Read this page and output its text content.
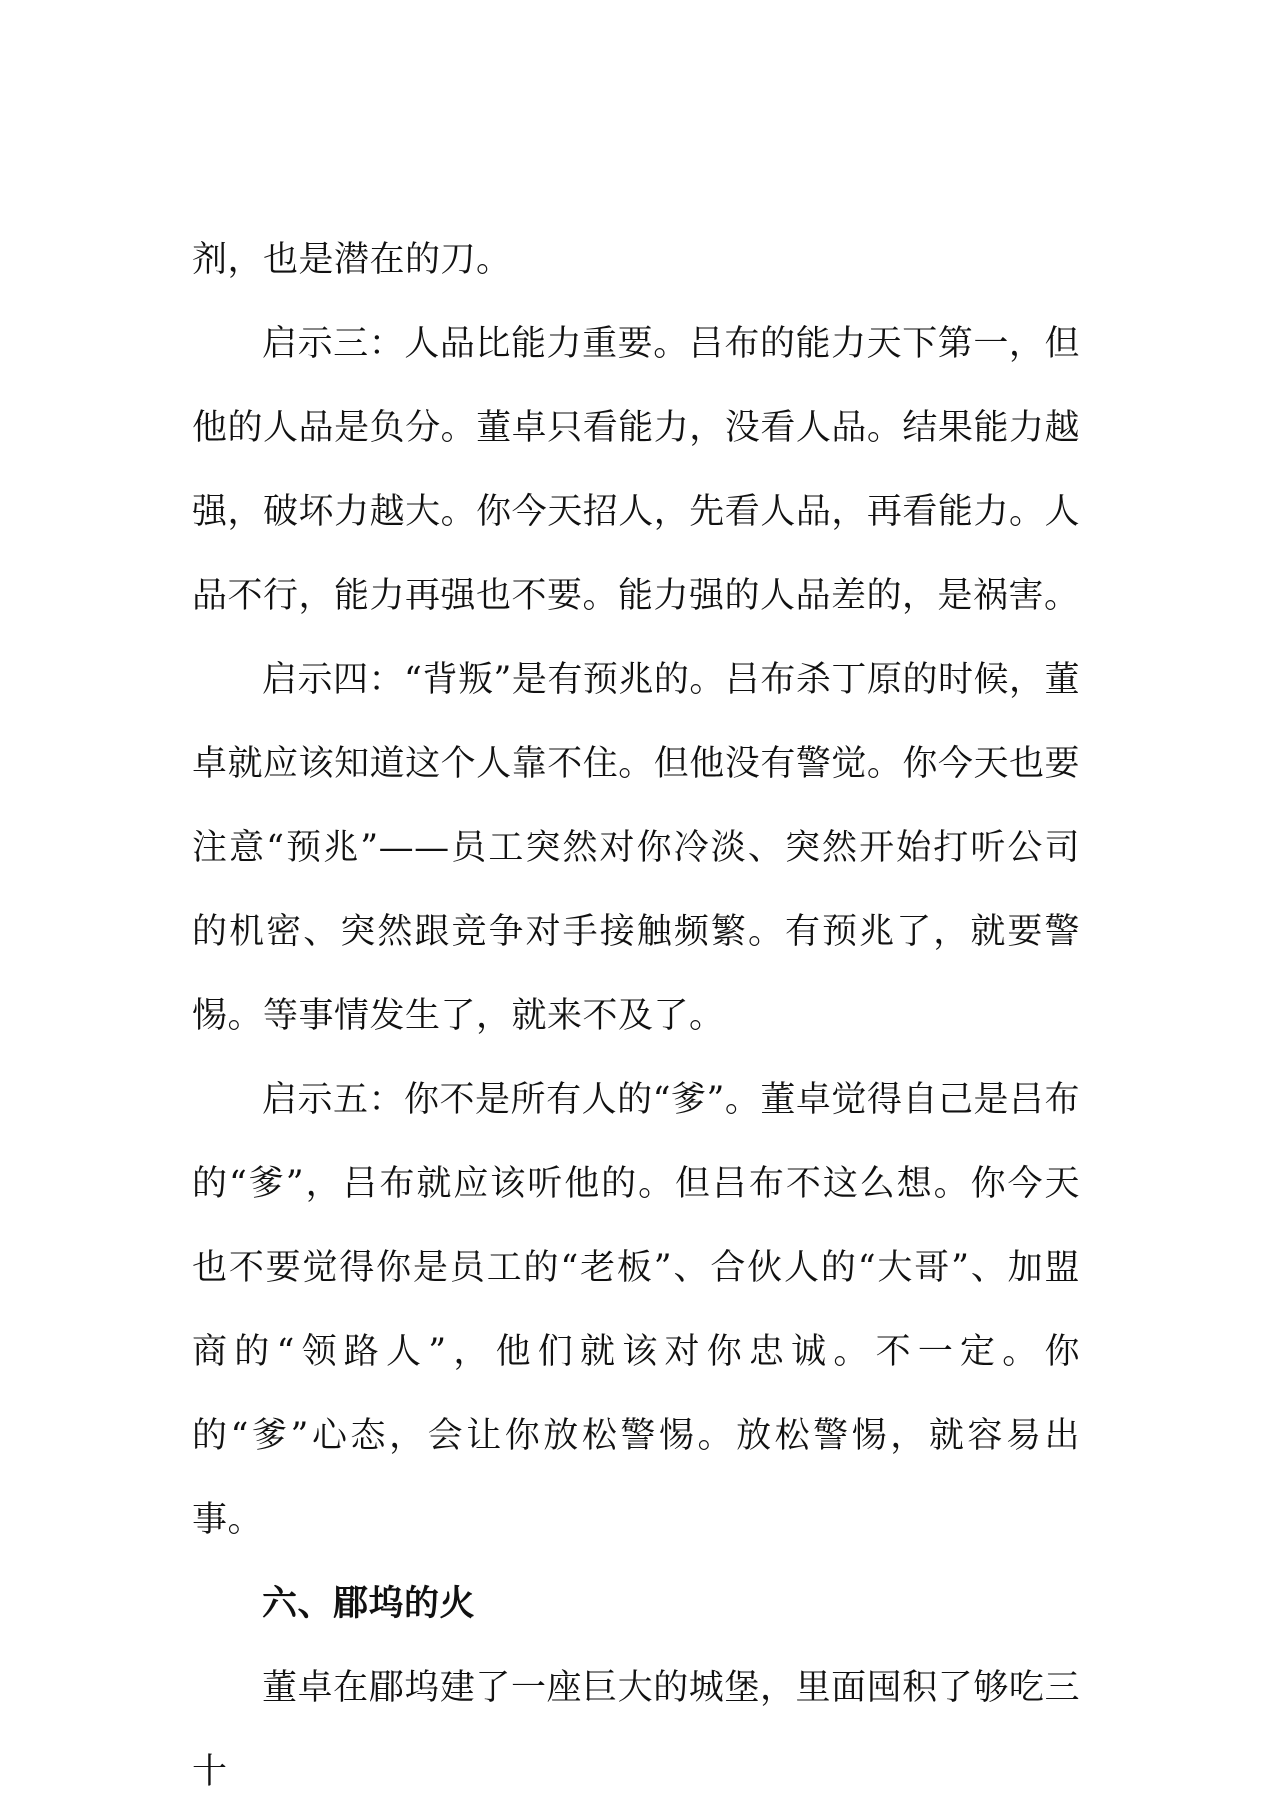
剂，也是潜在的刀。

启示三：人品比能力重要。吕布的能力天下第一，但他的人品是负分。董卓只看能力，没看人品。结果能力越强，破坏力越大。你今天招人，先看人品，再看能力。人品不行，能力再强也不要。能力强的人品差的，是祸害。

启示四：“背叛”是有预兆的。吕布杀丁原的时候，董卓就应该知道这个人靠不住。但他没有警觉。你今天也要注意“预兆”——员工突然对你冷淡、突然开始打听公司的机密、突然跟竞争对手接触频繁。有预兆了，就要警惕。等事情发生了，就来不及了。

启示五：你不是所有人的“爹”。董卓觉得自己是吕布的“爹”，吕布就应该听他的。但吕布不这么想。你今天也不要觉得你是员工的“老板”、合伙人的“大哥”、加盟商的“领路人”，他们就该对你忠诚。不一定。你的“爹”心态，会让你放松警惕。放松警惕，就容易出事。

六、郿坞的火

董卓在郿坞建了一座巨大的城堡，里面囤积了够吃三十
